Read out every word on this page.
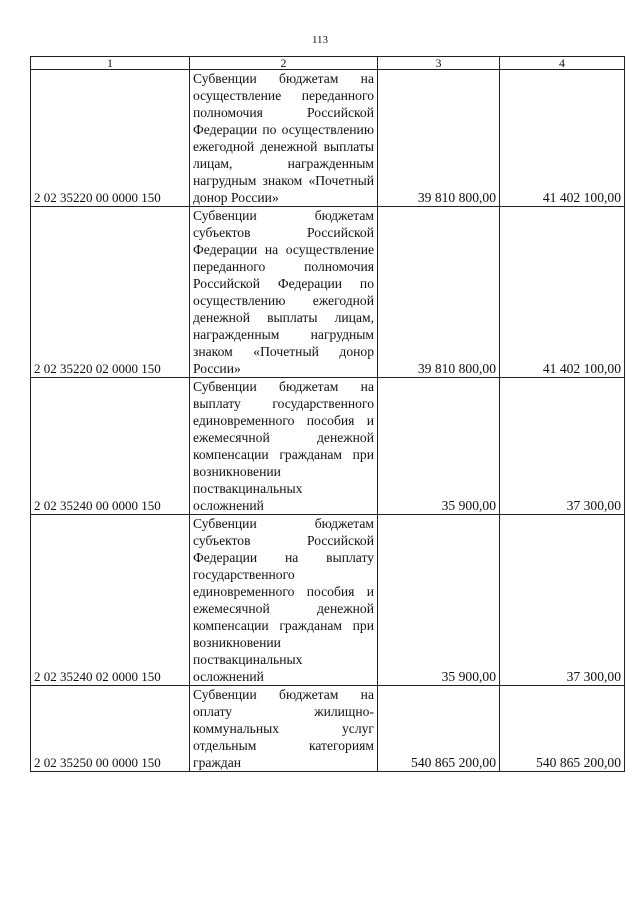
113
1	2	3	4
2 02 35220 00 0000 150	Субвенции бюджетам на осуществление переданного полномочия Российской Федерации по осуществлению ежегодной денежной выплаты лицам, награжденным нагрудным знаком «Почетный донор России»	39 810 800,00	41 402 100,00
2 02 35220 02 0000 150	Субвенции бюджетам субъектов Российской Федерации на осуществление переданного полномочия Российской Федерации по осуществлению ежегодной денежной выплаты лицам, награжденным нагрудным знаком «Почетный донор России»	39 810 800,00	41 402 100,00
2 02 35240 00 0000 150	Субвенции бюджетам на выплату государственного единовременного пособия и ежемесячной денежной компенсации гражданам при возникновении поствакцинальных осложнений	35 900,00	37 300,00
2 02 35240 02 0000 150	Субвенции бюджетам субъектов Российской Федерации на выплату государственного единовременного пособия и ежемесячной денежной компенсации гражданам при возникновении поствакцинальных осложнений	35 900,00	37 300,00
2 02 35250 00 0000 150	Субвенции бюджетам на оплату жилищно-коммунальных услуг отдельным категориям граждан	540 865 200,00	540 865 200,00
